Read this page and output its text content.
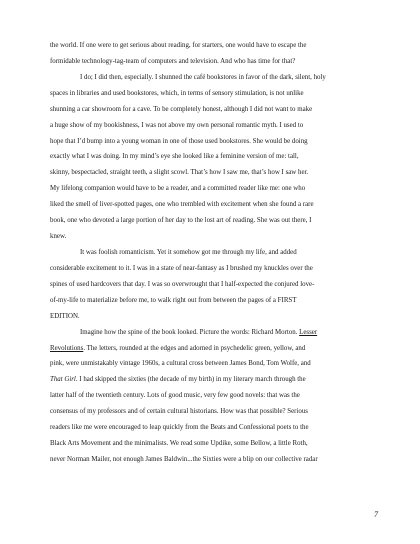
the world. If one were to get serious about reading, for starters, one would have to escape the
formidable technology-tag-team of computers and television. And who has time for that?

I do; I did then, especially. I shunned the café bookstores in favor of the dark, silent, holy
spaces in libraries and used bookstores, which, in terms of sensory stimulation, is not unlike
shunning a car showroom for a cave. To be completely honest, although I did not want to make
a huge show of my bookishness, I was not above my own personal romantic myth. I used to
hope that I’d bump into a young woman in one of those used bookstores. She would be doing
exactly what I was doing. In my mind’s eye she looked like a feminine version of me: tall,
skinny, bespectacled, straight teeth, a slight scowl. That’s how I saw me, that’s how I saw her.
My lifelong companion would have to be a reader, and a committed reader like me: one who
liked the smell of liver-spotted pages, one who trembled with excitement when she found a rare
book, one who devoted a large portion of her day to the lost art of reading. She was out there, I
knew.

It was foolish romanticism. Yet it somehow got me through my life, and added
considerable excitement to it. I was in a state of near-fantasy as I brushed my knuckles over the
spines of used hardcovers that day. I was so overwrought that I half-expected the conjured love-
of-my-life to materialize before me, to walk right out from between the pages of a FIRST
EDITION.

Imagine how the spine of the book looked. Picture the words: Richard Morton. Lesser
Revolutions. The letters, rounded at the edges and adorned in psychedelic green, yellow, and
pink, were unmistakably vintage 1960s, a cultural cross between James Bond, Tom Wolfe, and
That Girl. I had skipped the sixties (the decade of my birth) in my literary march through the
latter half of the twentieth century. Lots of good music, very few good novels: that was the
consensus of my professors and of certain cultural historians. How was that possible? Serious
readers like me were encouraged to leap quickly from the Beats and Confessional poets to the
Black Arts Movement and the minimalists. We read some Updike, some Bellow, a little Roth,
never Norman Mailer, not enough James Baldwin...the Sixties were a blip on our collective radar

7
